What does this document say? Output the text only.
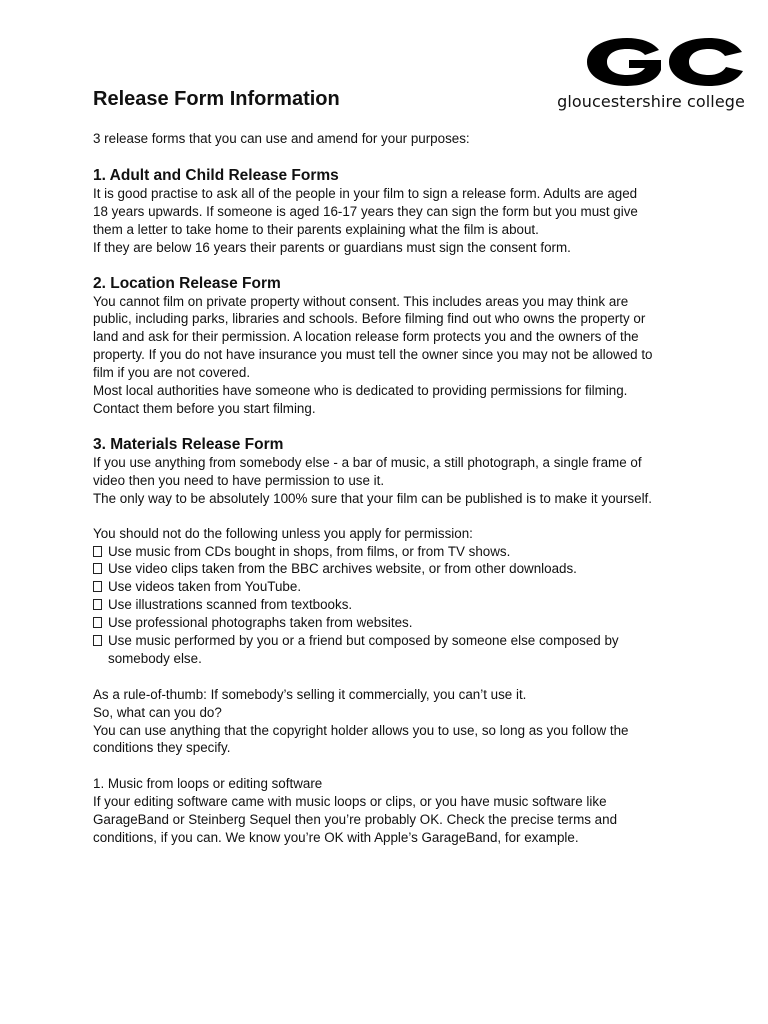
gloucestershire college
Release Form Information

3 release forms that you can use and amend for your purposes:

1. Adult and Child Release Forms

It is good practise to ask all of the people in your film to sign a release form. Adults are aged 18 years upwards. If someone is aged 16-17 years they can sign the form but you must give them a letter to take home to their parents explaining what the film is about.

If they are below 16 years their parents or guardians must sign the consent form.

2. Location Release Form

You cannot film on private property without consent. This includes areas you may think are public, including parks, libraries and schools. Before filming find out who owns the property or land and ask for their permission. A location release form protects you and the owners of the property. If you do not have insurance you must tell the owner since you may not be allowed to film if you are not covered.

Most local authorities have someone who is dedicated to providing permissions for filming. Contact them before you start filming.

3. Materials Release Form

If you use anything from somebody else - a bar of music, a still photograph, a single frame of video then you need to have permission to use it.

The only way to be absolutely 100% sure that your film can be published is to make it yourself.

You should not do the following unless you apply for permission:

Use music from CDs bought in shops, from films, or from TV shows.
Use video clips taken from the BBC archives website, or from other downloads.
Use videos taken from YouTube.
Use illustrations scanned from textbooks.
Use professional photographs taken from websites.
Use music performed by you or a friend but composed by someone else composed by somebody else.

As a rule-of-thumb: If somebody’s selling it commercially, you can’t use it.

So, what can you do?

You can use anything that the copyright holder allows you to use, so long as you follow the conditions they specify.

1. Music from loops or editing software

If your editing software came with music loops or clips, or you have music software like GarageBand or Steinberg Sequel then you’re probably OK. Check the precise terms and conditions, if you can. We know you’re OK with Apple’s GarageBand, for example.
